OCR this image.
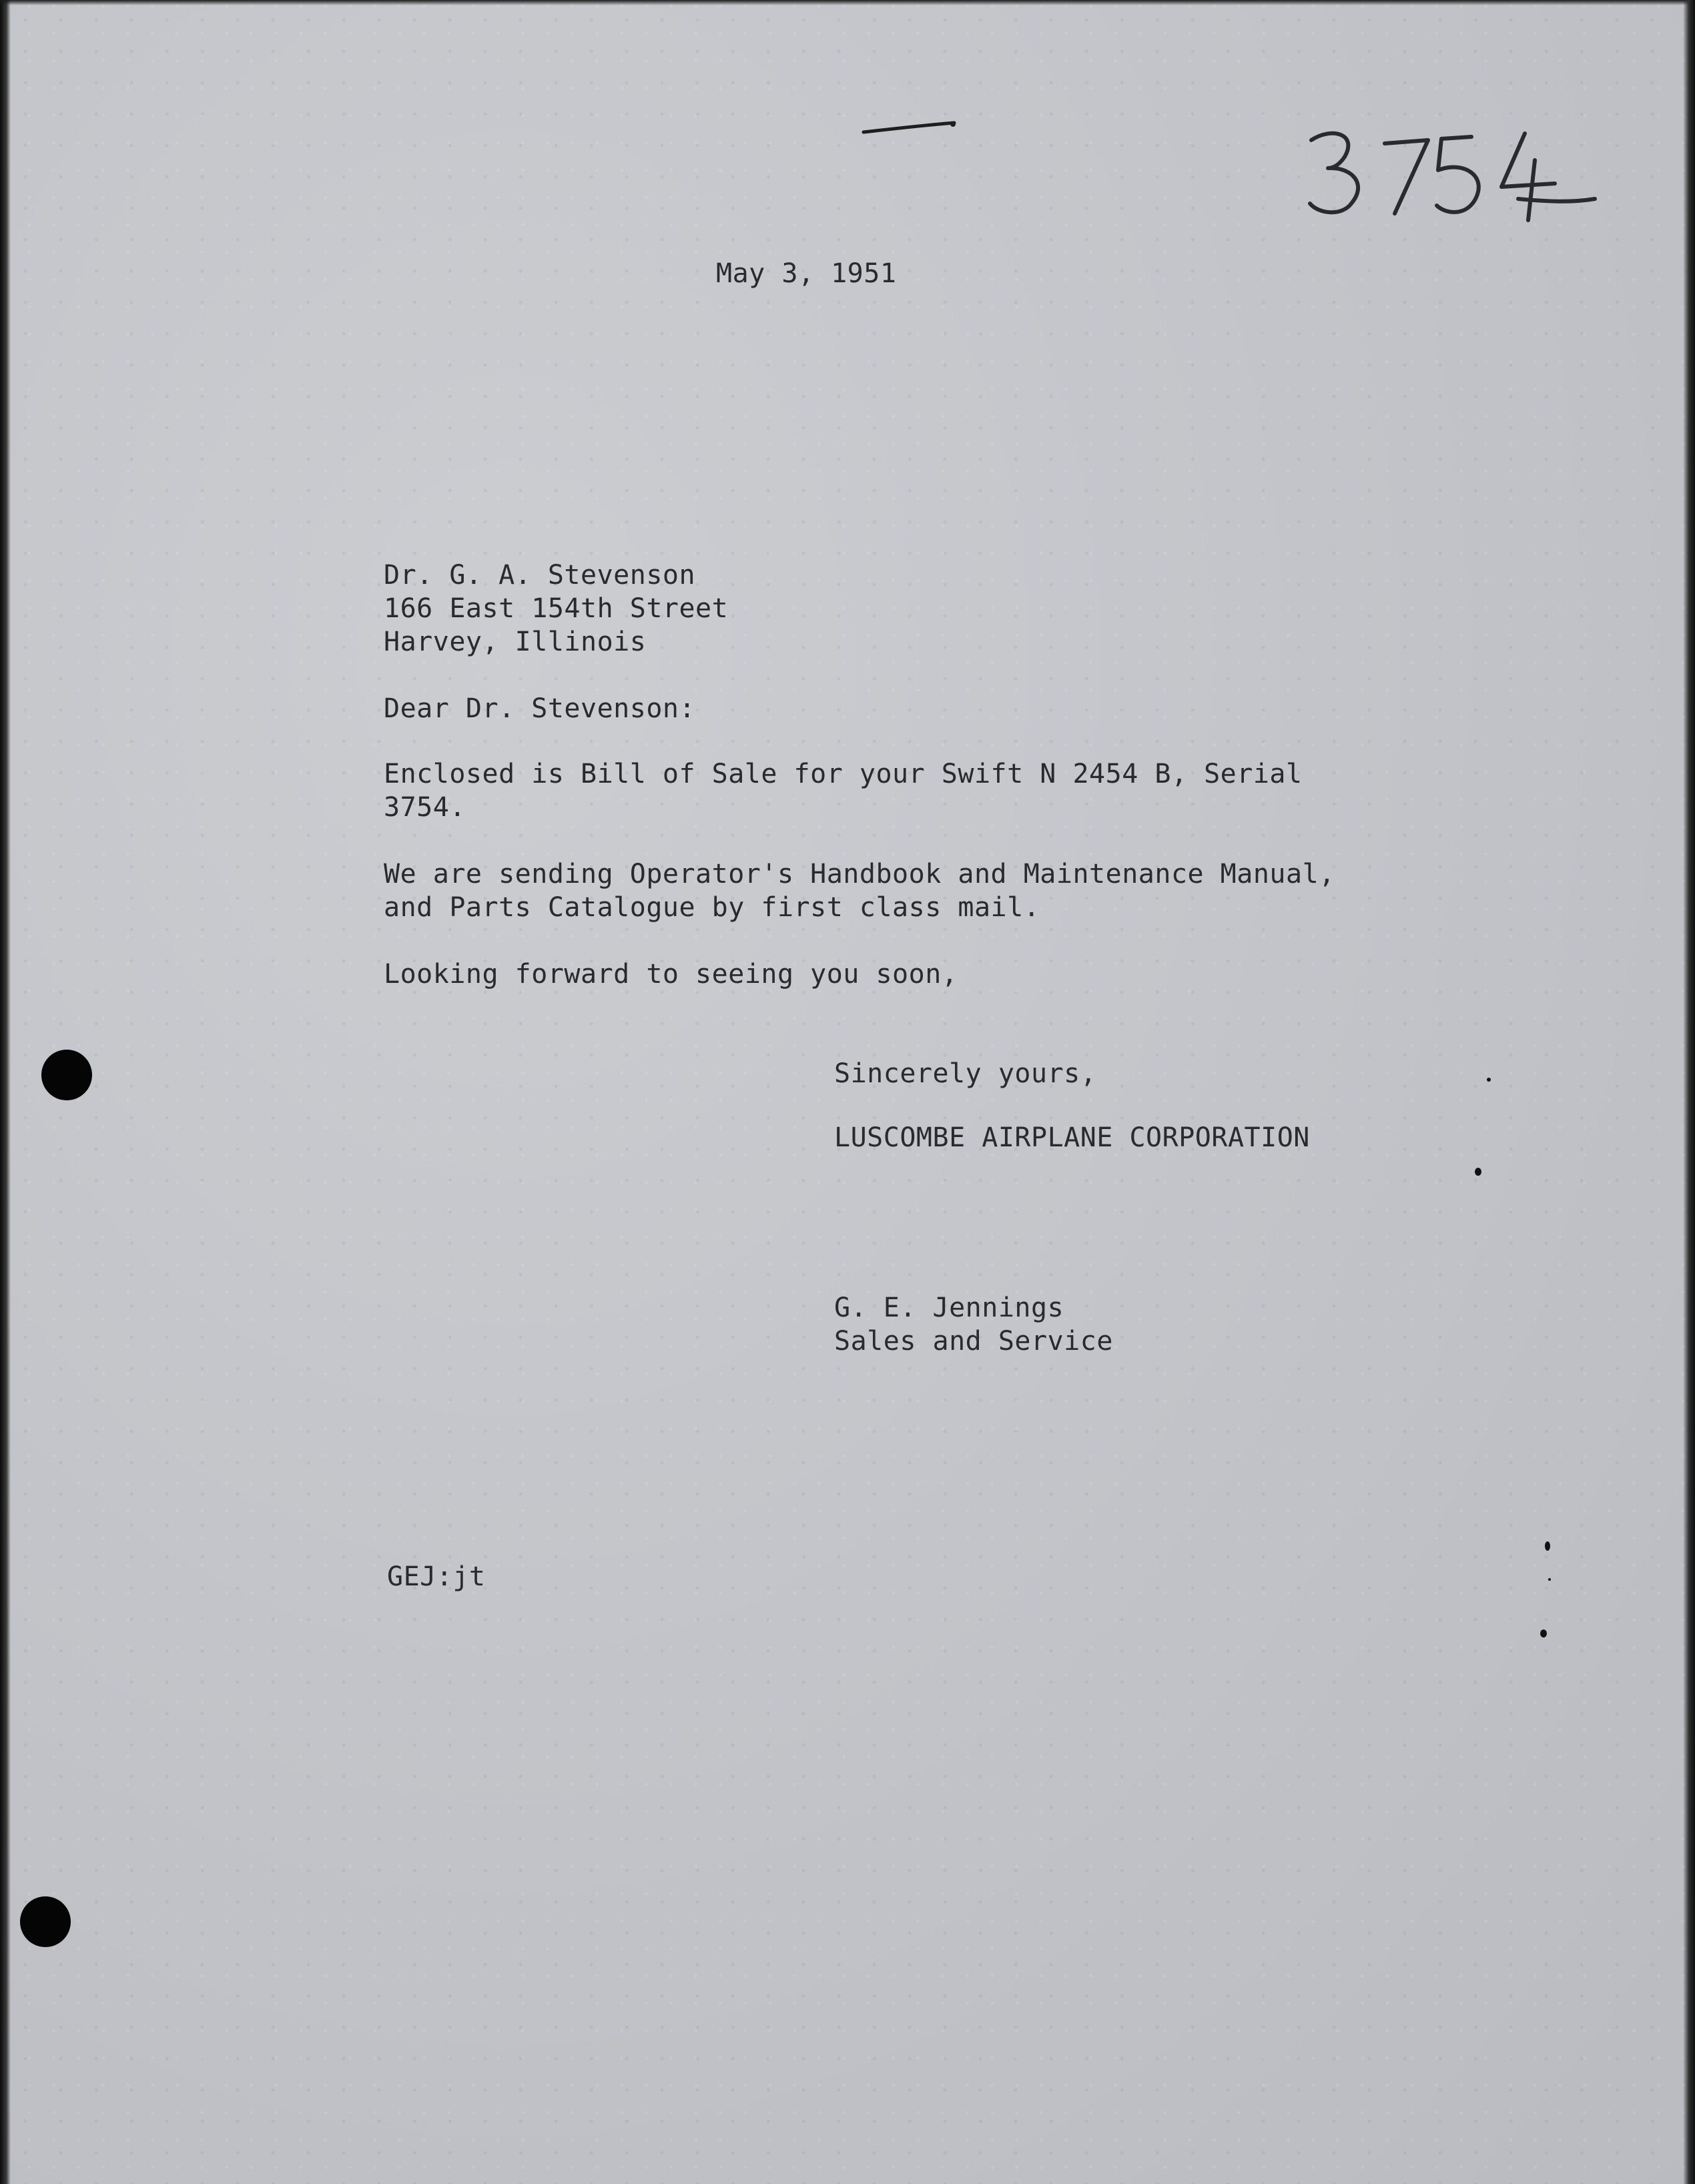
May 3, 1951

Dr. G. A. Stevenson

166 East 154th Street

Harvey, Illinois

Dear Dr. Stevenson:

Enclosed is Bill of Sale for your Swift N 2454 B, Serial

3754.

We are sending Operator's Handbook and Maintenance Manual,

and Parts Catalogue by first class mail.

Looking forward to seeing you soon,

Sincerely yours,

LUSCOMBE AIRPLANE CORPORATION

G. E. Jennings

Sales and Service

GEJ:jt
